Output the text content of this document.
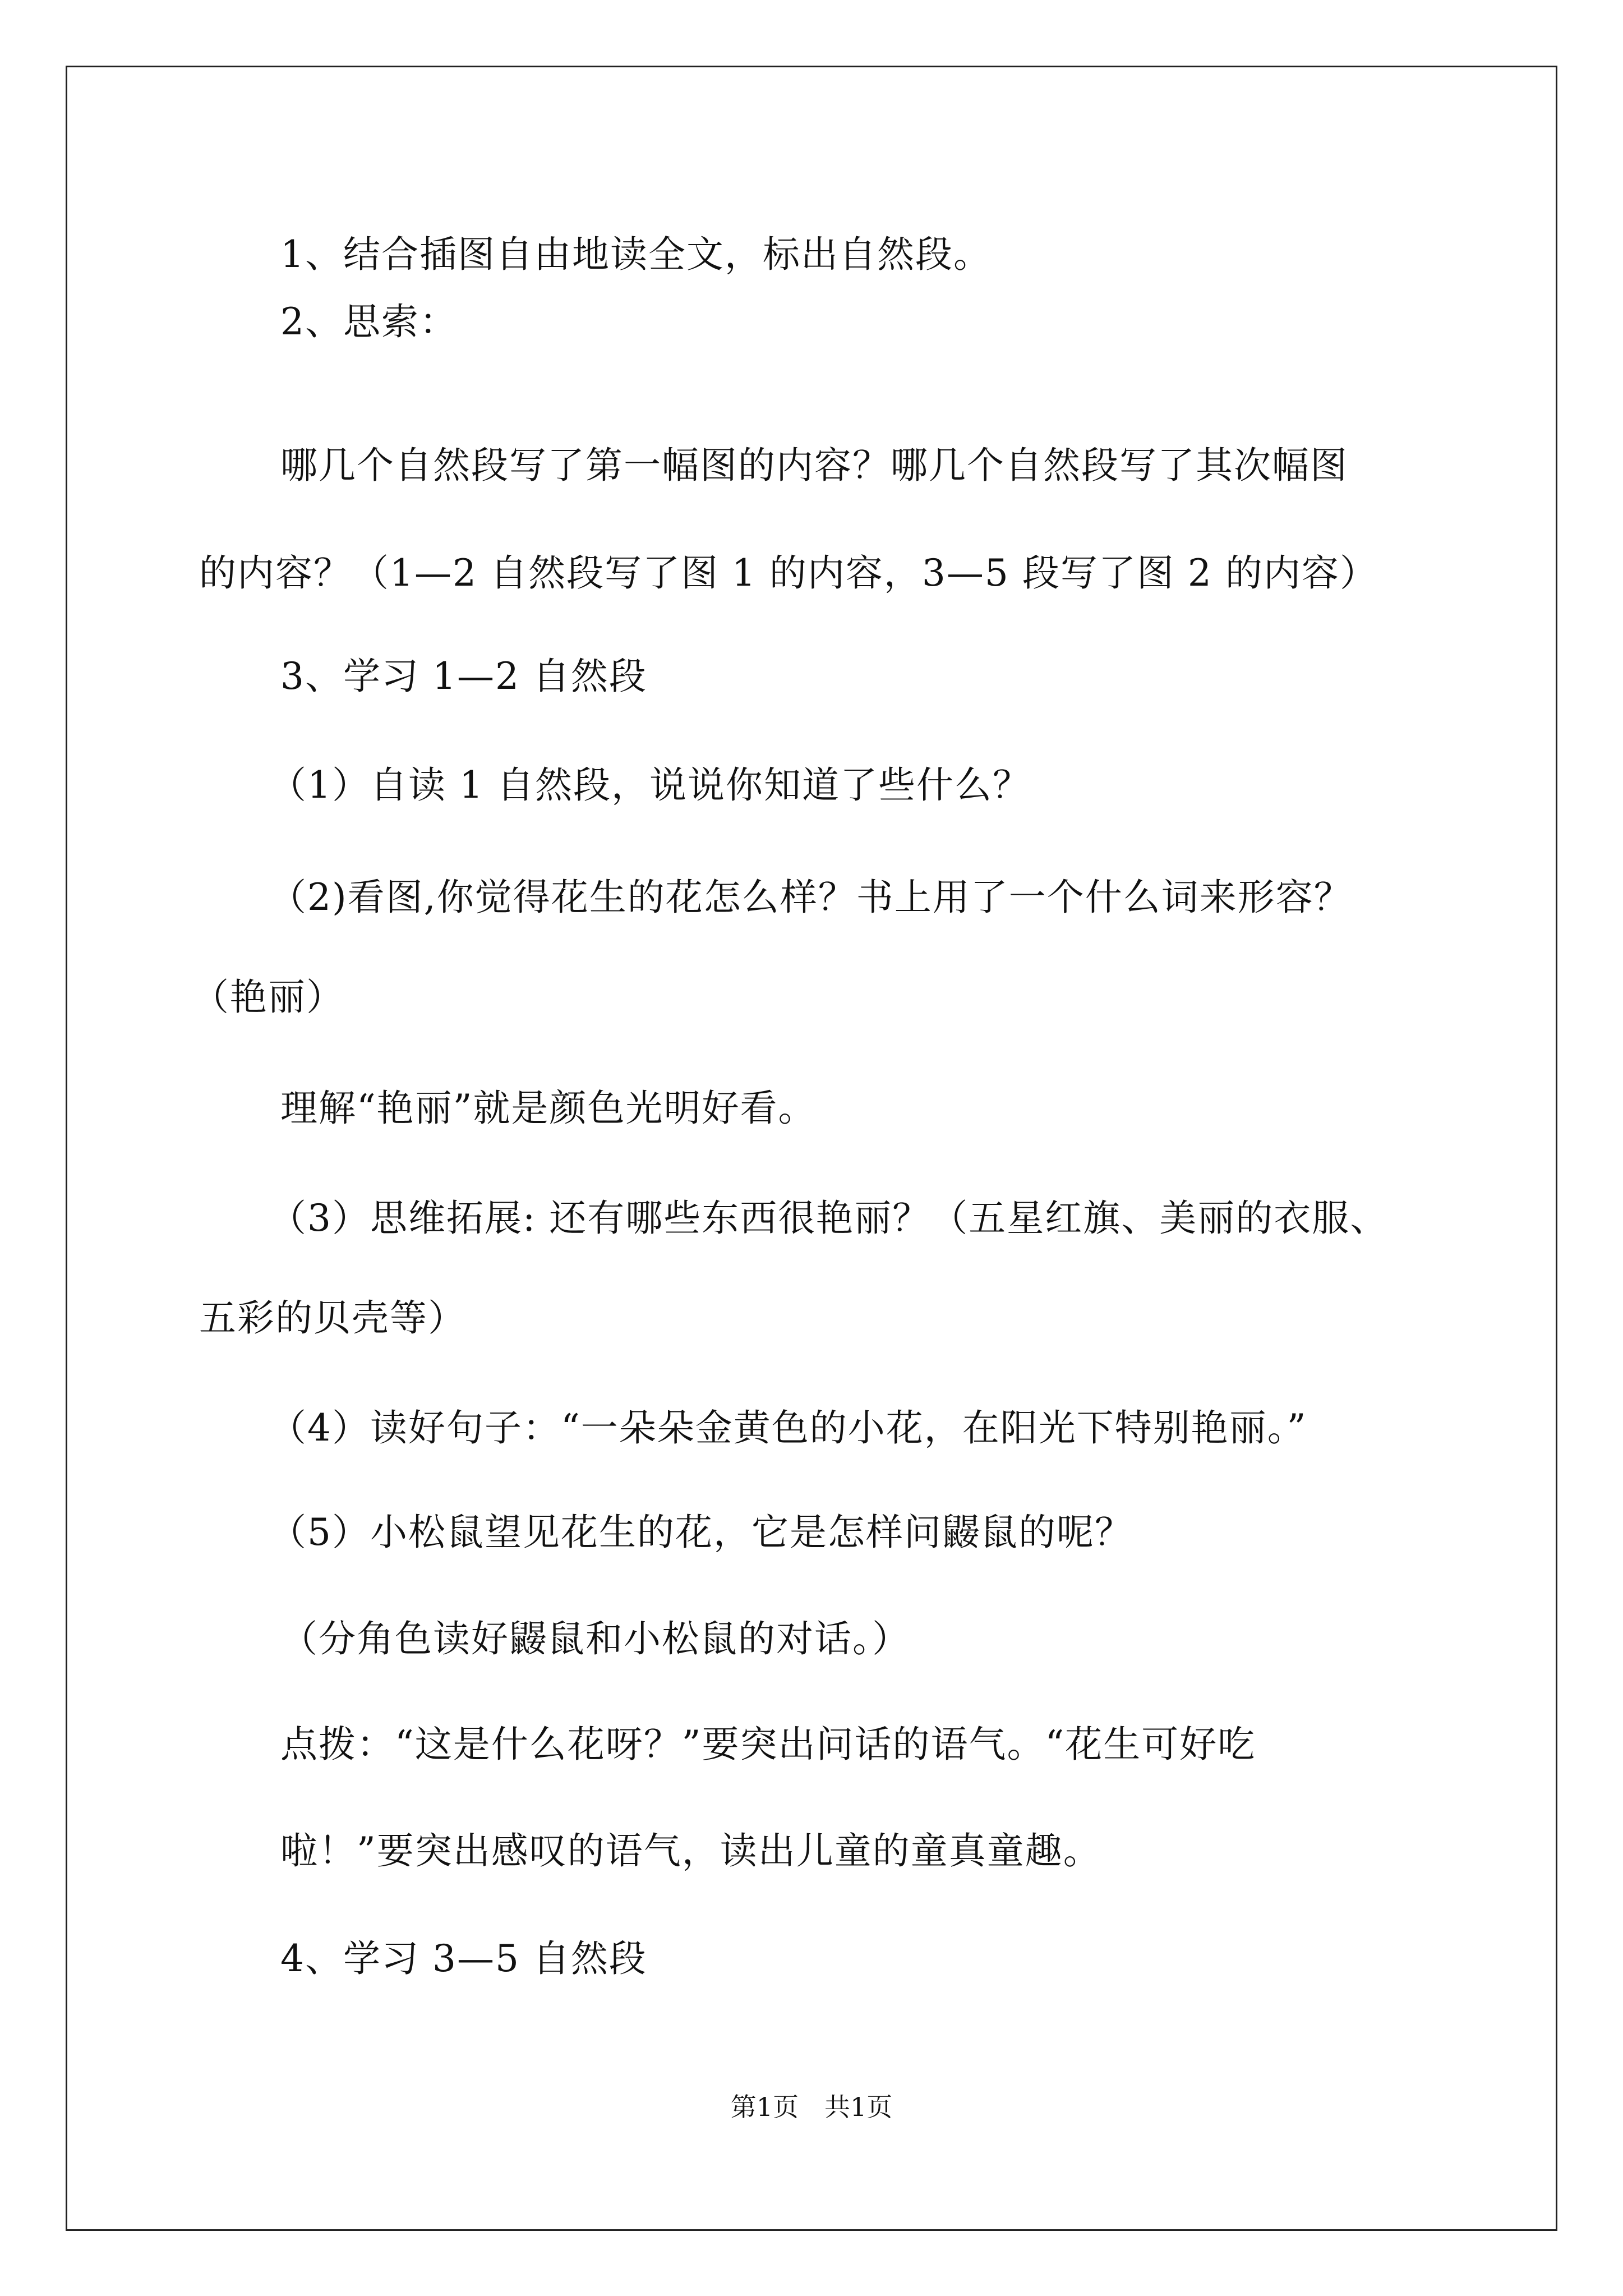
1、结合插图自由地读全文，标出自然段。
2、思索：
哪几个自然段写了第一幅图的内容？哪几个自然段写了其次幅图
的内容？（1—2 自然段写了图 1 的内容，3—5 段写了图 2 的内容）
3、学习 1—2 自然段
（1）自读 1 自然段，说说你知道了些什么？
（2)看图,你觉得花生的花怎么样？书上用了一个什么词来形容？
（艳丽）
理解“艳丽”就是颜色光明好看。
（3）思维拓展: 还有哪些东西很艳丽？（五星红旗、美丽的衣服、
五彩的贝壳等）
（4）读好句子：“一朵朵金黄色的小花，在阳光下特别艳丽。”
（5）小松鼠望见花生的花，它是怎样问鼹鼠的呢？
（分角色读好鼹鼠和小松鼠的对话。）
点拨：“这是什么花呀？”要突出问话的语气。“花生可好吃
啦！”要突出感叹的语气，读出儿童的童真童趣。
4、学习 3—5 自然段
第1页　共1页
